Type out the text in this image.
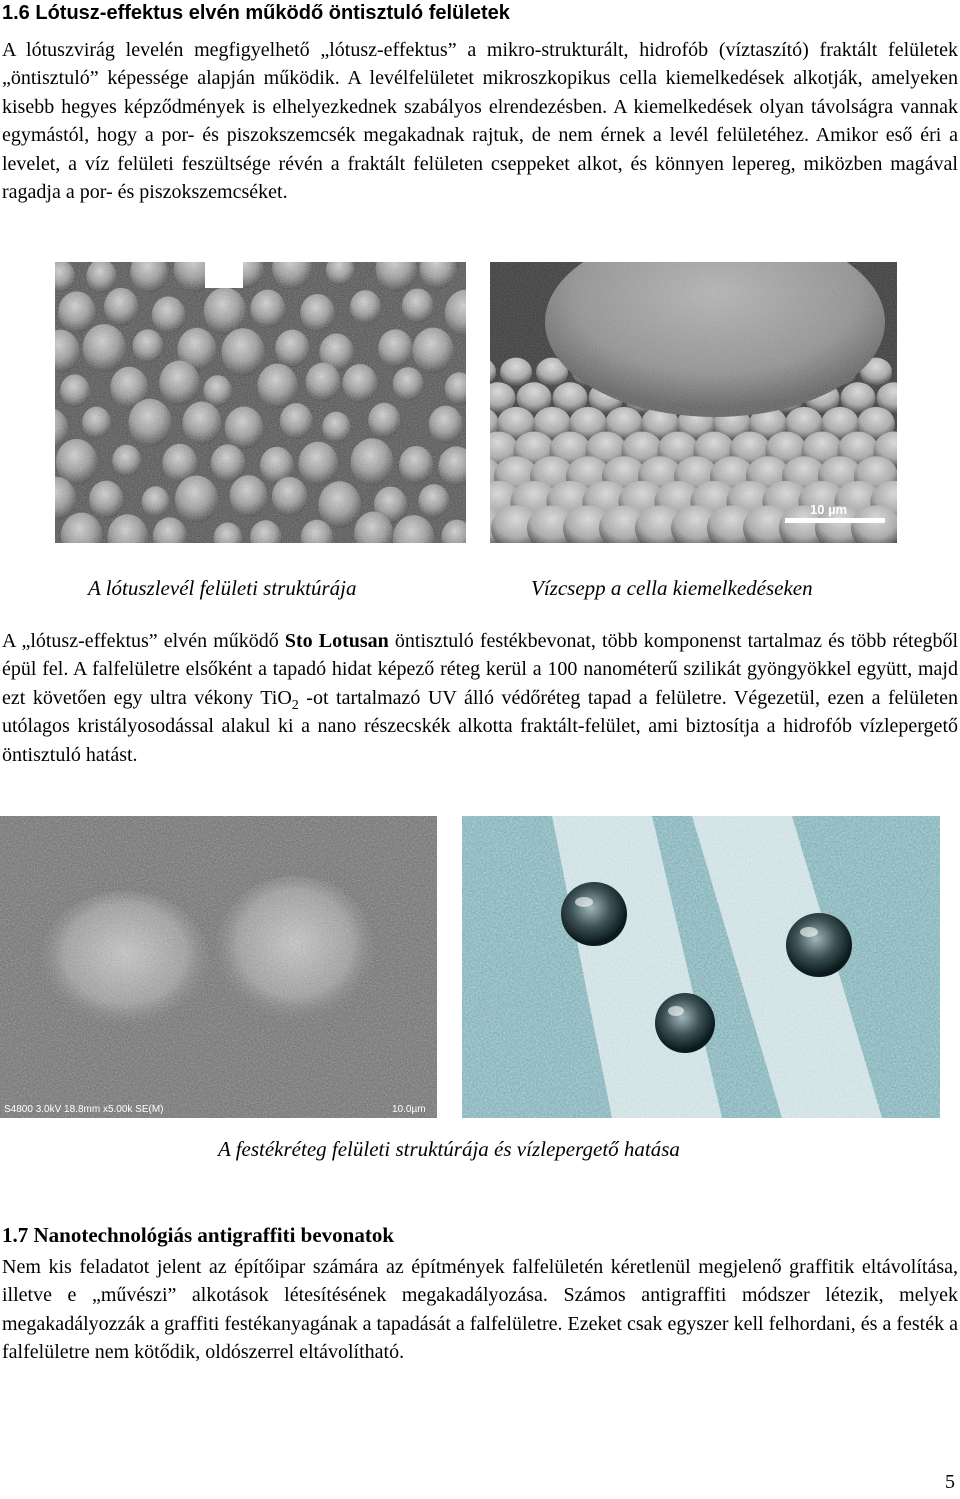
1.6 Lótusz-effektus elvén működő öntisztuló felületek
A lótuszvirág levelén megfigyelhető „lótusz-effektus” a mikro-strukturált, hidrofób (víztaszító) fraktált felületek „öntisztuló” képessége alapján működik. A levélfelületet mikroszkopikus cella kiemelkedések alkotják, amelyeken kisebb hegyes képződmények is elhelyezkednek szabályos elrendezésben. A kiemelkedések olyan távolságra vannak egymástól, hogy a por- és piszokszemcsék megakadnak rajtuk, de nem érnek a levél felületéhez. Amikor eső éri a levelet, a víz felületi feszültsége révén a fraktált felületen cseppeket alkot, és könnyen lepereg, miközben magával ragadja a por- és piszokszemcséket.
10 µm
A lótuszlevél felületi struktúrája	Vízcsepp a cella kiemelkedéseken
A „lótusz-effektus” elvén működő Sto Lotusan öntisztuló festékbevonat, több komponenst tartalmaz és több rétegből épül fel. A falfelületre elsőként a tapadó hidat képező réteg kerül a 100 nanométerű szilikát gyöngyökkel együtt, majd ezt követően egy ultra vékony TiO$_2$ -ot tartalmazó UV álló védőréteg tapad a felületre. Végezetül, ezen a felületen utólagos kristályosodással alakul ki a nano részecskék alkotta fraktált-felület, ami biztosítja a hidrofób vízlepergető öntisztuló hatást.
S4800 3.0kV 18.8mm x5.00k SE(M)	10.0µm
A festékréteg felületi struktúrája és vízlepergető hatása
1.7 Nanotechnológiás antigraffiti bevonatok
Nem kis feladatot jelent az építőipar számára az építmények falfelületén kéretlenül megjelenő graffitik eltávolítása, illetve e „művészi” alkotások létesítésének megakadályozása. Számos antigraffiti módszer létezik, melyek megakadályozzák a graffiti festékanyagának a tapadását a falfelületre. Ezeket csak egyszer kell felhordani, és a festék a falfelületre nem kötődik, oldószerrel eltávolítható.
5
